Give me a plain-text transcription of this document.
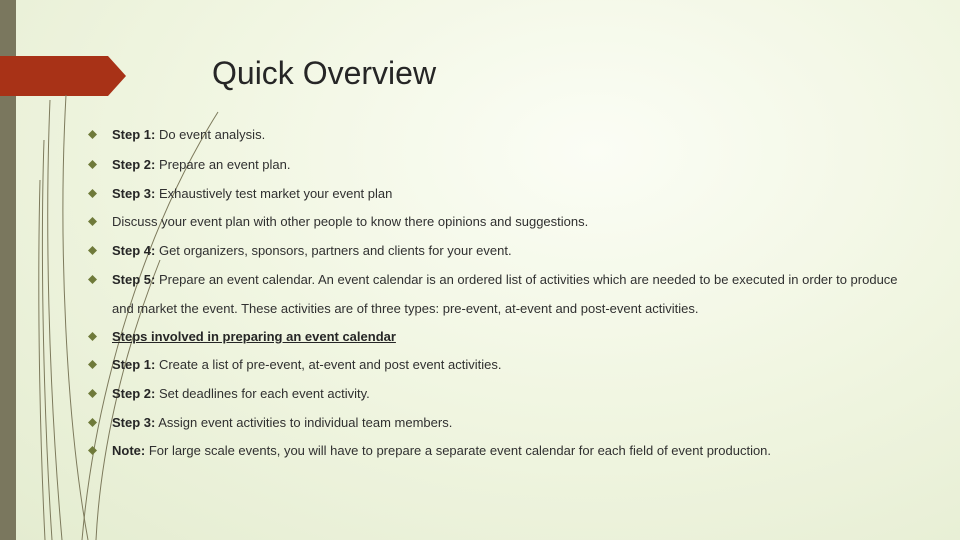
Quick Overview
Step 1: Do event analysis.
Step 2: Prepare an event plan.
Step 3: Exhaustively test market your event plan
Discuss your event plan with other people to know there opinions and suggestions.
Step 4: Get organizers, sponsors, partners and clients for your event.
Step 5: Prepare an event calendar. An event calendar is an ordered list of activities which are needed to be executed in order to produce and market the event. These activities are of three types: pre-event, at-event and post-event activities.
Steps involved in preparing an event calendar
Step 1: Create a list of pre-event, at-event and post event activities.
Step 2: Set deadlines for each event activity.
Step 3: Assign event activities to individual team members.
Note: For large scale events, you will have to prepare a separate event calendar for each field of event production.
